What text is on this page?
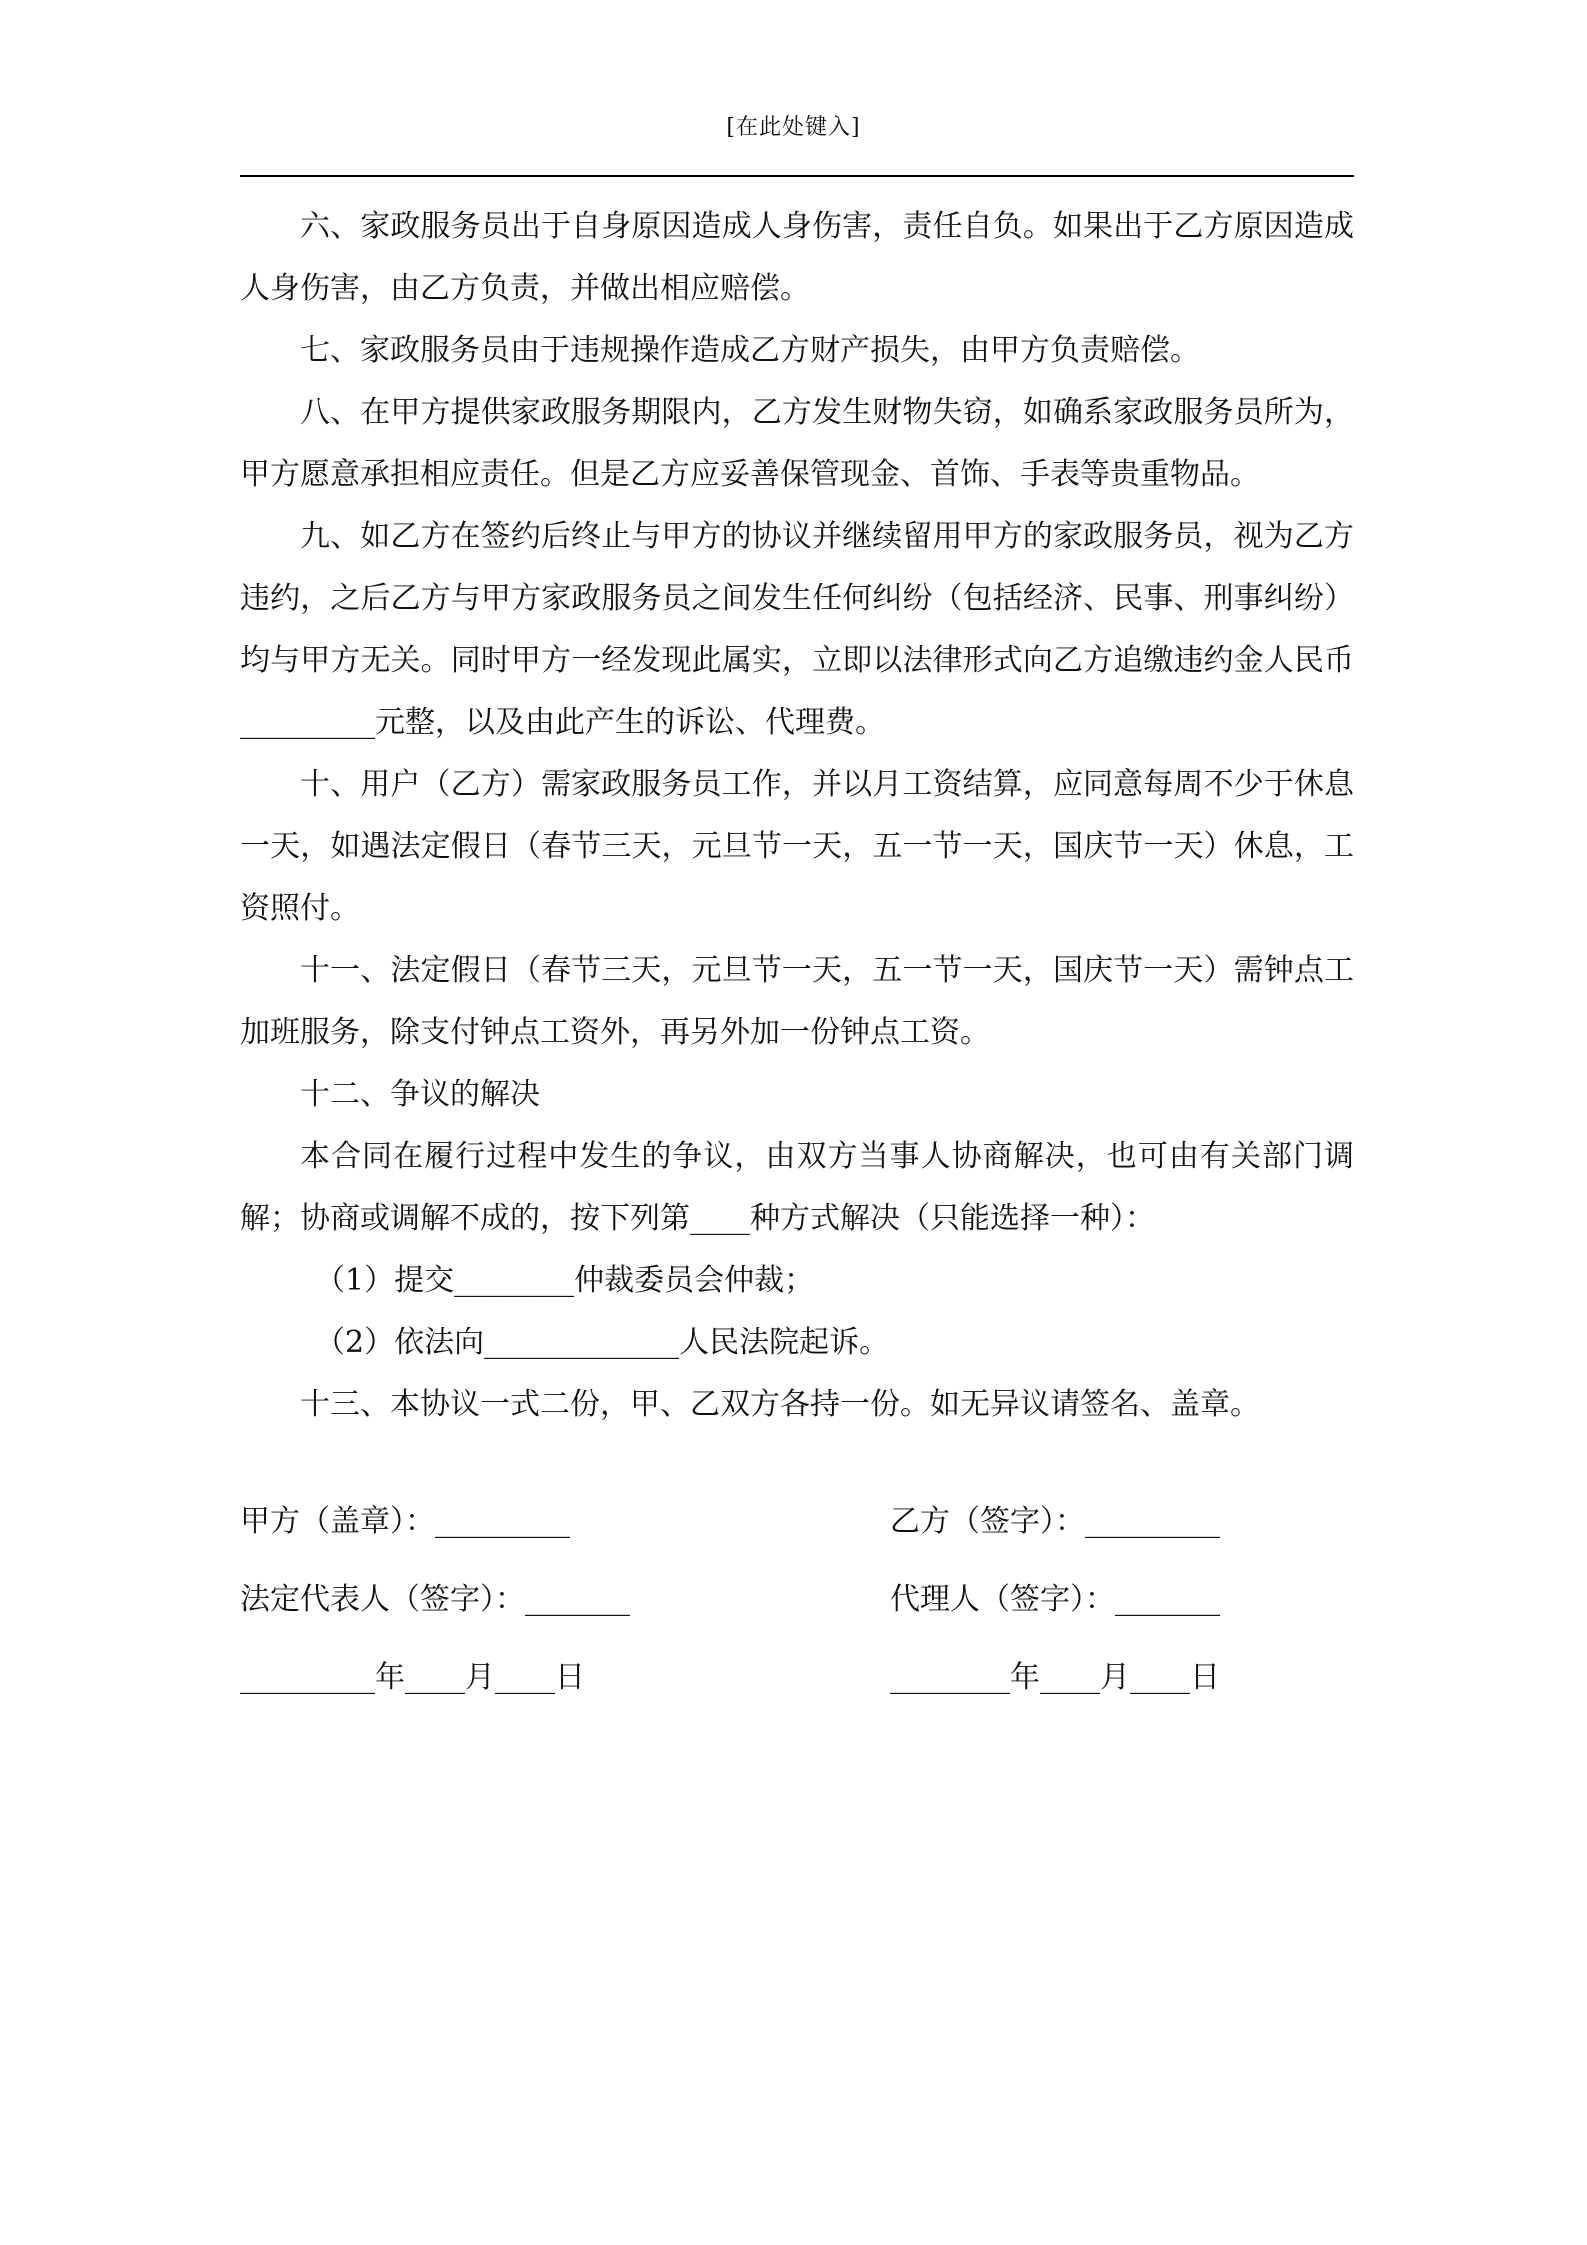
[在此处键入]

六、家政服务员出于自身原因造成人身伤害，责任自负。如果出于乙方原因造成人身伤害，由乙方负责，并做出相应赔偿。

七、家政服务员由于违规操作造成乙方财产损失，由甲方负责赔偿。

八、在甲方提供家政服务期限内，乙方发生财物失窃，如确系家政服务员所为，甲方愿意承担相应责任。但是乙方应妥善保管现金、首饰、手表等贵重物品。

九、如乙方在签约后终止与甲方的协议并继续留用甲方的家政服务员，视为乙方违约，之后乙方与甲方家政服务员之间发生任何纠纷（包括经济、民事、刑事纠纷）均与甲方无关。同时甲方一经发现此属实，立即以法律形式向乙方追缴违约金人民币_________元整，以及由此产生的诉讼、代理费。

十、用户（乙方）需家政服务员工作，并以月工资结算，应同意每周不少于休息一天，如遇法定假日（春节三天，元旦节一天，五一节一天，国庆节一天）休息，工资照付。

十一、法定假日（春节三天，元旦节一天，五一节一天，国庆节一天）需钟点工加班服务，除支付钟点工资外，再另外加一份钟点工资。

十二、争议的解决

本合同在履行过程中发生的争议，由双方当事人协商解决，也可由有关部门调解；协商或调解不成的，按下列第____种方式解决（只能选择一种）：

（1）提交________仲裁委员会仲裁；

（2）依法向_____________人民法院起诉。

十三、本协议一式二份，甲、乙双方各持一份。如无异议请签名、盖章。

甲方（盖章）：_________	乙方（签字）：_________
法定代表人（签字）：_______	代理人（签字）：_______
_________年____月____日	________年____月____日
